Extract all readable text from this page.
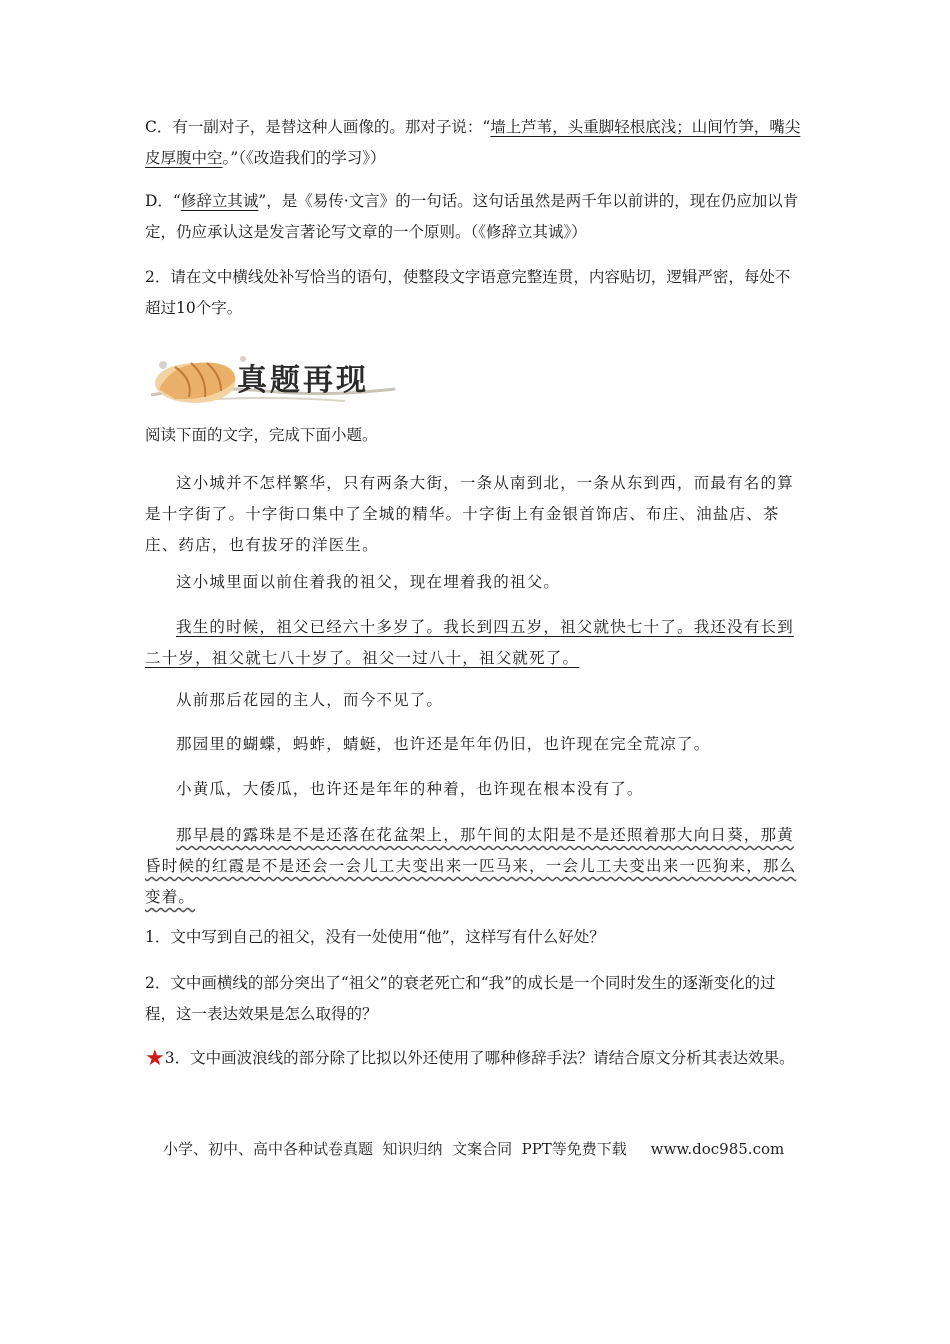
C．有一副对子，是替这种人画像的。那对子说：“墙上芦苇，头重脚轻根底浅；山间竹笋，嘴尖皮厚腹中空。”（《改造我们的学习》）
D．“修辞立其诚”，是《易传·文言》的一句话。这句话虽然是两千年以前讲的，现在仍应加以肯定，仍应承认这是发言著论写文章的一个原则。（《修辞立其诚》）
2．请在文中横线处补写恰当的语句，使整段文字语意完整连贯，内容贴切，逻辑严密，每处不超过10个字。
真题再现
阅读下面的文字，完成下面小题。
这小城并不怎样繁华，只有两条大街，一条从南到北，一条从东到西，而最有名的算是十字街了。十字街口集中了全城的精华。十字街上有金银首饰店、布庄、油盐店、茶庄、药店，也有拔牙的洋医生。
这小城里面以前住着我的祖父，现在埋着我的祖父。
我生的时候，祖父已经六十多岁了。我长到四五岁，祖父就快七十了。我还没有长到二十岁，祖父就七八十岁了。祖父一过八十，祖父就死了。
从前那后花园的主人，而今不见了。
那园里的蝴蝶，蚂蚱，蜻蜓，也许还是年年仍旧，也许现在完全荒凉了。
小黄瓜，大倭瓜，也许还是年年的种着，也许现在根本没有了。
那早晨的露珠是不是还落在花盆架上，那午间的太阳是不是还照着那大向日葵，那黄昏时候的红霞是不是还会一会儿工夫变出来一匹马来，一会儿工夫变出来一匹狗来，那么变着。
1．文中写到自己的祖父，没有一处使用“他”，这样写有什么好处？
2．文中画横线的部分突出了“祖父”的衰老死亡和“我”的成长是一个同时发生的逐渐变化的过程，这一表达效果是怎么取得的？
★3．文中画波浪线的部分除了比拟以外还使用了哪种修辞手法？请结合原文分析其表达效果。
小学、初中、高中各种试卷真题  知识归纳  文案合同  PPT等免费下载     www.doc985.com
